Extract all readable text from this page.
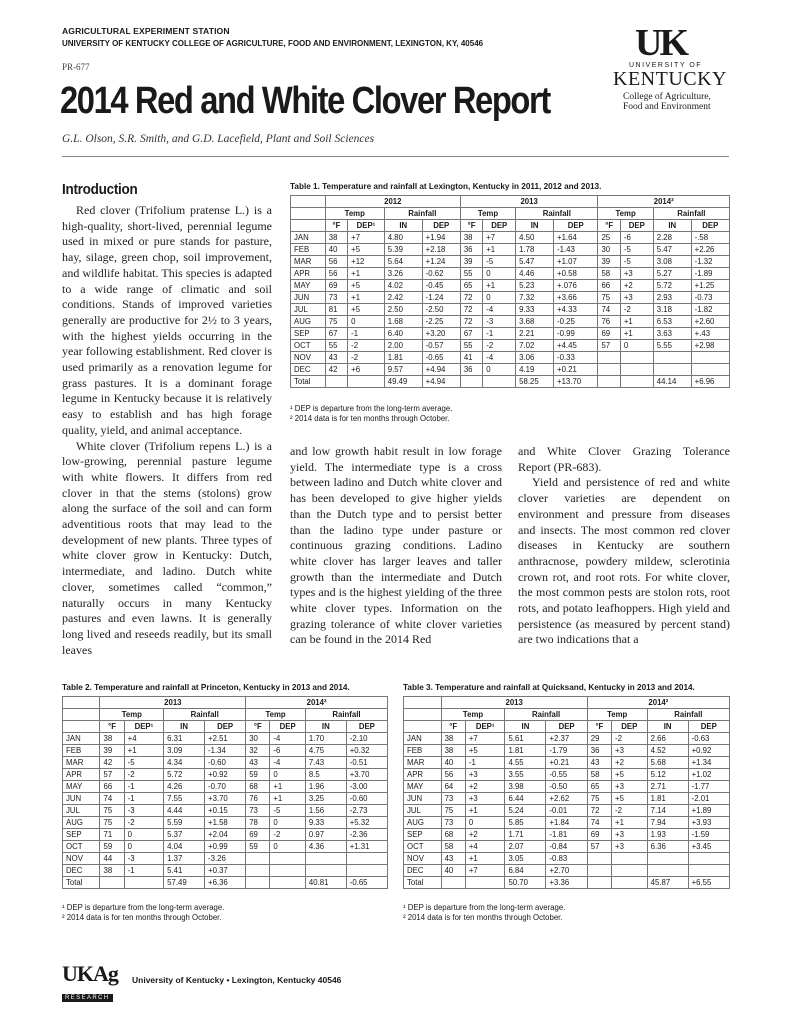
AGRICULTURAL EXPERIMENT STATION
UNIVERSITY OF KENTUCKY COLLEGE OF AGRICULTURE, FOOD AND ENVIRONMENT, LEXINGTON, KY, 40546
PR-677
2014 Red and White Clover Report
G.L. Olson, S.R. Smith, and G.D. Lacefield, Plant and Soil Sciences
UK
UNIVERSITY OF
KENTUCKY
College of Agriculture,
Food and Environment
Introduction

Red clover (Trifolium pratense L.) is a high-quality, short-lived, perennial legume used in mixed or pure stands for pasture, hay, silage, green chop, soil improvement, and wildlife habitat. This species is adapted to a wide range of climatic and soil conditions. Stands of improved varieties generally are productive for 2½ to 3 years, with the highest yields occurring in the year following establishment. Red clover is used primarily as a renovation legume for grass pastures. It is a dominant forage legume in Kentucky because it is relatively easy to establish and has high forage quality, yield, and animal acceptance.

White clover (Trifolium repens L.) is a low-growing, perennial pasture legume with white flowers. It differs from red clover in that the stems (stolons) grow along the surface of the soil and can form adventitious roots that may lead to the development of new plants. Three types of white clover grow in Kentucky: Dutch, intermediate, and ladino. Dutch white clover, sometimes called “common,” naturally occurs in many Kentucky pastures and even lawns. It is generally long lived and reseeds readily, but its small leaves

and low growth habit result in low forage yield. The intermediate type is a cross between ladino and Dutch white clover and has been developed to give higher yields than the Dutch type and to persist better than the ladino type under pasture or continuous grazing conditions. Ladino white clover has larger leaves and taller growth than the intermediate and Dutch types and is the highest yielding of the three white clover types. Information on the grazing tolerance of white clover varieties can be found in the 2014 Red

and White Clover Grazing Tolerance Report (PR-683).

Yield and persistence of red and white clover varieties are dependent on environment and pressure from diseases and insects. The most common red clover diseases in Kentucky are southern anthracnose, powdery mildew, sclerotinia crown rot, and root rots. For white clover, the most common pests are stolon rots, root rots, and potato leafhoppers. High yield and persistence (as measured by percent stand) are two indications that a

Table 1. Temperature and rainfall at Lexington, Kentucky in 2011, 2012 and 2013.
	2012				2013				2014²			
	Temp		Rainfall		Temp		Rainfall		Temp		Rainfall	
	°F	DEP¹	IN	DEP	°F	DEP	IN	DEP	°F	DEP	IN	DEP
JAN	38	+7	4.80	+1.94	38	+7	4.50	+1.64	25	-6	2.28	-.58
FEB	40	+5	5.39	+2.18	36	+1	1.78	-1.43	30	-5	5.47	+2.26
MAR	56	+12	5.64	+1.24	39	-5	5.47	+1.07	39	-5	3.08	-1.32
APR	56	+1	3.26	-0.62	55	0	4.46	+0.58	58	+3	5.27	-1.89
MAY	69	+5	4.02	-0.45	65	+1	5.23	+.076	66	+2	5.72	+1.25
JUN	73	+1	2.42	-1.24	72	0	7.32	+3.66	75	+3	2.93	-0.73
JUL	81	+5	2.50	-2.50	72	-4	9.33	+4.33	74	-2	3.18	-1.82
AUG	75	0	1.68	-2.25	72	-3	3.68	-0.25	76	+1	6.53	+2.60
SEP	67	-1	6.40	+3.20	67	-1	2.21	-0.99	69	+1	3.63	+.43
OCT	55	-2	2.00	-0.57	55	-2	7.02	+4.45	57	0	5.55	+2.98
NOV	43	-2	1.81	-0.65	41	-4	3.06	-0.33				
DEC	42	+6	9.57	+4.94	36	0	4.19	+0.21				
Total			49.49	+4.94			58.25	+13.70			44.14	+6.96
¹ DEP is departure from the long-term average.
² 2014 data is for ten months through October.
Table 2. Temperature and rainfall at Princeton, Kentucky in 2013 and 2014.
	2013				2014²			
	Temp		Rainfall		Temp		Rainfall	
	°F	DEP¹	IN	DEP	°F	DEP	IN	DEP
JAN	38	+4	6.31	+2.51	30	-4	1.70	-2.10
FEB	39	+1	3.09	-1.34	32	-6	4.75	+0.32
MAR	42	-5	4.34	-0.60	43	-4	7.43	-0.51
APR	57	-2	5.72	+0.92	59	0	8.5	+3.70
MAY	66	-1	4.26	-0.70	68	+1	1.96	-3.00
JUN	74	-1	7.55	+3.70	76	+1	3.25	-0.60
JUL	75	-3	4.44	+0.15	73	-5	1.56	-2.73
AUG	75	-2	5.59	+1.58	78	0	9.33	+5.32
SEP	71	0	5.37	+2.04	69	-2	0.97	-2.36
OCT	59	0	4.04	+0.99	59	0	4.36	+1.31
NOV	44	-3	1.37	-3.26				
DEC	38	-1	5.41	+0.37				
Total			57.49	+6.36			40.81	-0.65
¹ DEP is departure from the long-term average.
² 2014 data is for ten months through October.
Table 3. Temperature and rainfall at Quicksand, Kentucky in 2013 and 2014.
	2013				2014²			
	Temp		Rainfall		Temp		Rainfall	
	°F	DEP¹	IN	DEP	°F	DEP	IN	DEP
JAN	38	+7	5.61	+2.37	29	-2	2.66	-0.63
FEB	38	+5	1.81	-1.79	36	+3	4.52	+0.92
MAR	40	-1	4.55	+0.21	43	+2	5.68	+1.34
APR	56	+3	3.55	-0.55	58	+5	5.12	+1.02
MAY	64	+2	3.98	-0.50	65	+3	2.71	-1.77
JUN	73	+3	6.44	+2.62	75	+5	1.81	-2.01
JUL	75	+1	5.24	-0.01	72	-2	7.14	+1.89
AUG	73	0	5.85	+1.84	74	+1	7.94	+3.93
SEP	68	+2	1.71	-1.81	69	+3	1.93	-1.59
OCT	58	+4	2.07	-0.84	57	+3	6.36	+3.45
NOV	43	+1	3.05	-0.83				
DEC	40	+7	6.84	+2.70				
Total			50.70	+3.36			45.87	+6.55
¹ DEP is departure from the long-term average.
² 2014 data is for ten months through October.
UKAg
RESEARCH
University of Kentucky • Lexington, Kentucky 40546
